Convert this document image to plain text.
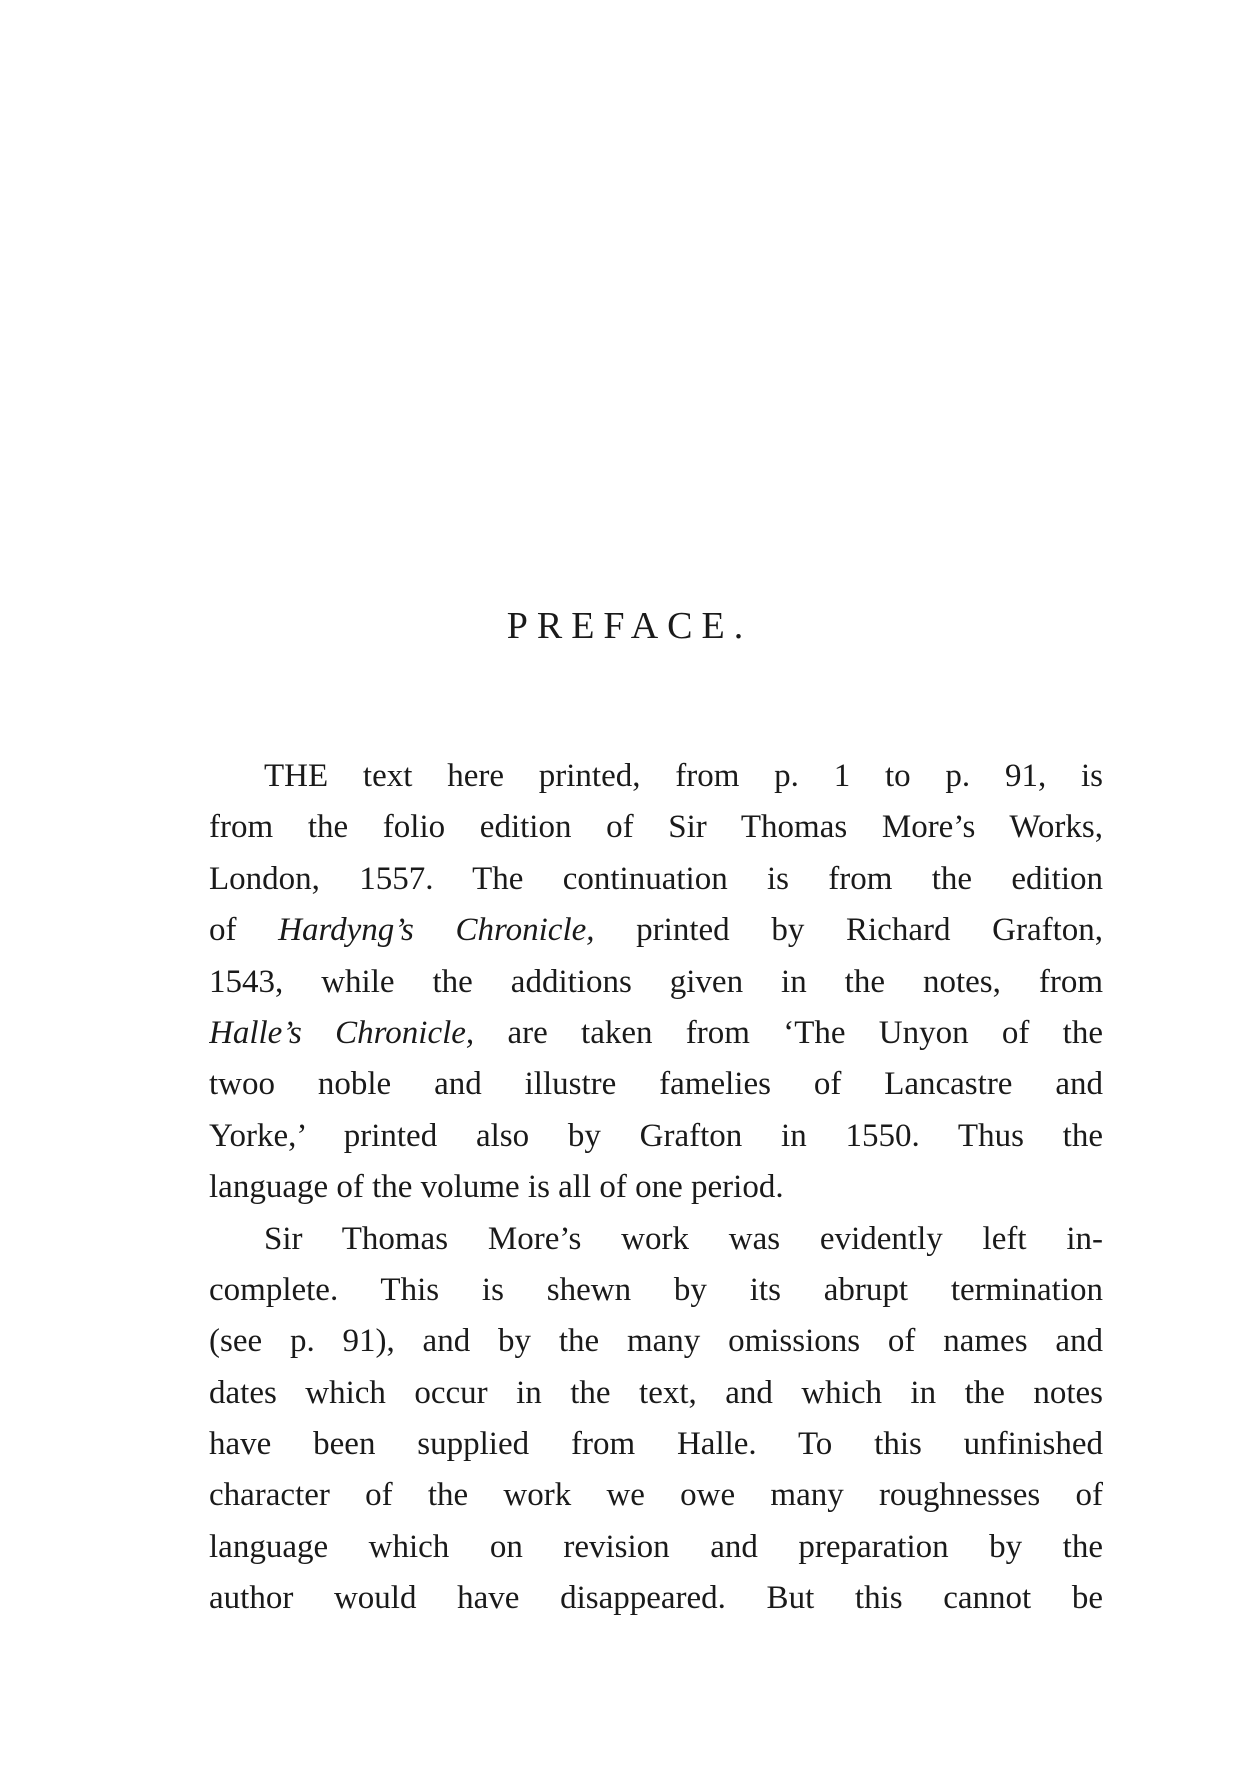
PREFACE.
THE text here printed, from p. 1 to p. 91, is
from the folio edition of Sir Thomas More’s Works,
London, 1557. The continuation is from the edition
of Hardyng’s Chronicle, printed by Richard Grafton,
1543, while the additions given in the notes, from
Halle’s Chronicle, are taken from ‘The Unyon of the
twoo noble and illustre famelies of Lancastre and
Yorke,’ printed also by Grafton in 1550. Thus the
language of the volume is all of one period.
Sir Thomas More’s work was evidently left in-
complete. This is shewn by its abrupt termination
(see p. 91), and by the many omissions of names and
dates which occur in the text, and which in the notes
have been supplied from Halle. To this unfinished
character of the work we owe many roughnesses of
language which on revision and preparation by the
author would have disappeared. But this cannot be
